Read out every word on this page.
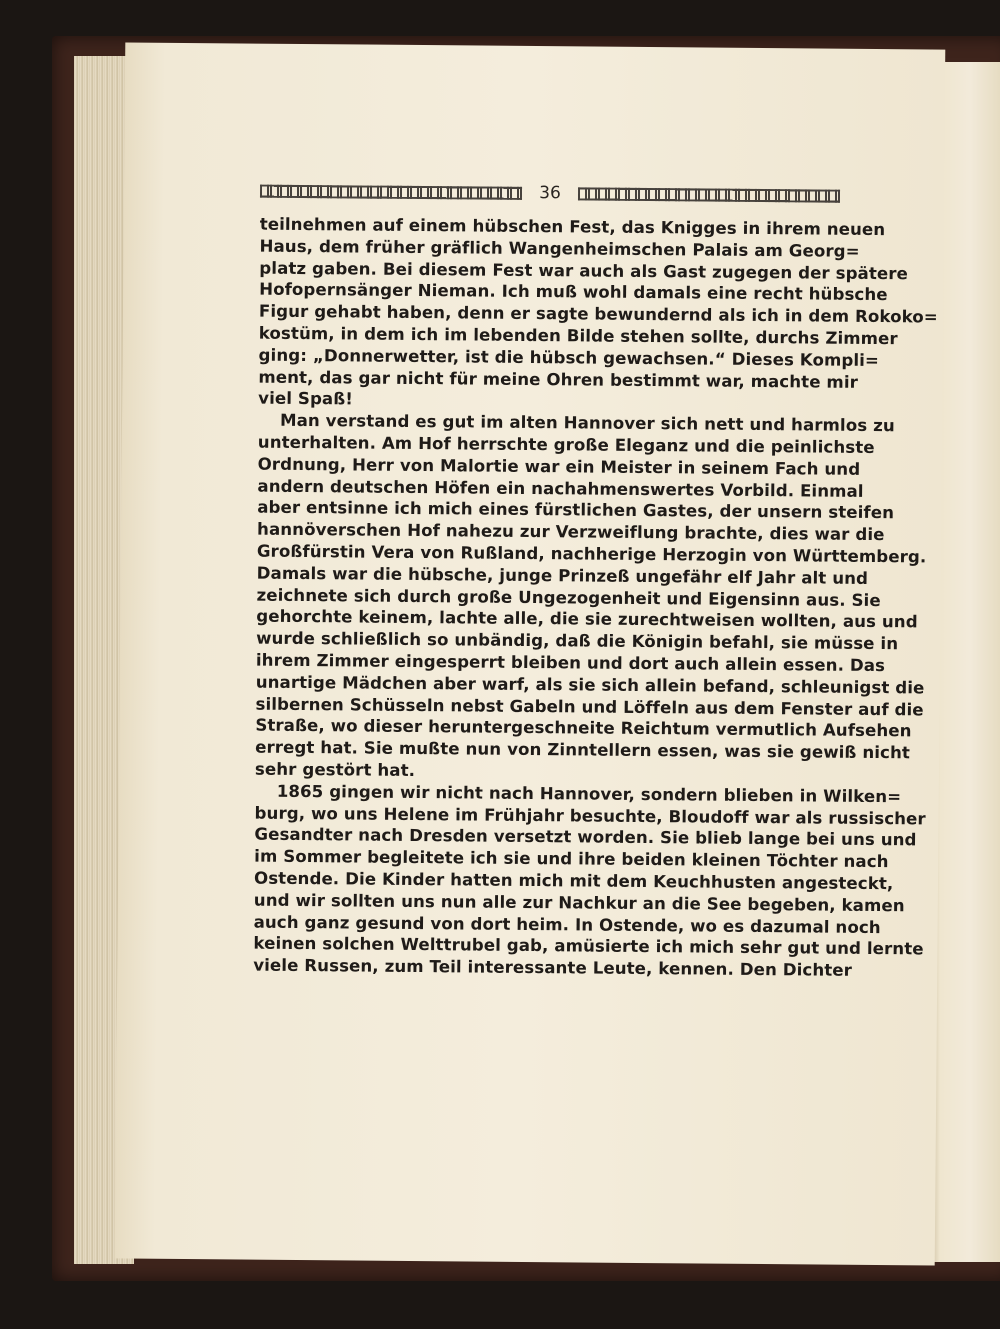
36
teilnehmen auf einem hübschen Fest, das Knigges in ihrem neuen
Haus, dem früher gräflich Wangenheimschen Palais am Georg=
platz gaben. Bei diesem Fest war auch als Gast zugegen der spätere
Hofopernsänger Nieman. Ich muß wohl damals eine recht hübsche
Figur gehabt haben, denn er sagte bewundernd als ich in dem Rokoko=
kostüm, in dem ich im lebenden Bilde stehen sollte, durchs Zimmer
ging: „Donnerwetter, ist die hübsch gewachsen.“ Dieses Kompli=
ment, das gar nicht für meine Ohren bestimmt war, machte mir
viel Spaß!
Man verstand es gut im alten Hannover sich nett und harmlos zu
unterhalten. Am Hof herrschte große Eleganz und die peinlichste
Ordnung, Herr von Malortie war ein Meister in seinem Fach und
andern deutschen Höfen ein nachahmenswertes Vorbild. Einmal
aber entsinne ich mich eines fürstlichen Gastes, der unsern steifen
hannöverschen Hof nahezu zur Verzweiflung brachte, dies war die
Großfürstin Vera von Rußland, nachherige Herzogin von Württemberg.
Damals war die hübsche, junge Prinzeß ungefähr elf Jahr alt und
zeichnete sich durch große Ungezogenheit und Eigensinn aus. Sie
gehorchte keinem, lachte alle, die sie zurechtweisen wollten, aus und
wurde schließlich so unbändig, daß die Königin befahl, sie müsse in
ihrem Zimmer eingesperrt bleiben und dort auch allein essen. Das
unartige Mädchen aber warf, als sie sich allein befand, schleunigst die
silbernen Schüsseln nebst Gabeln und Löffeln aus dem Fenster auf die
Straße, wo dieser heruntergeschneite Reichtum vermutlich Aufsehen
erregt hat. Sie mußte nun von Zinntellern essen, was sie gewiß nicht
sehr gestört hat.
1865 gingen wir nicht nach Hannover, sondern blieben in Wilken=
burg, wo uns Helene im Frühjahr besuchte, Bloudoff war als russischer
Gesandter nach Dresden versetzt worden. Sie blieb lange bei uns und
im Sommer begleitete ich sie und ihre beiden kleinen Töchter nach
Ostende. Die Kinder hatten mich mit dem Keuchhusten angesteckt,
und wir sollten uns nun alle zur Nachkur an die See begeben, kamen
auch ganz gesund von dort heim. In Ostende, wo es dazumal noch
keinen solchen Welttrubel gab, amüsierte ich mich sehr gut und lernte
viele Russen, zum Teil interessante Leute, kennen. Den Dichter
